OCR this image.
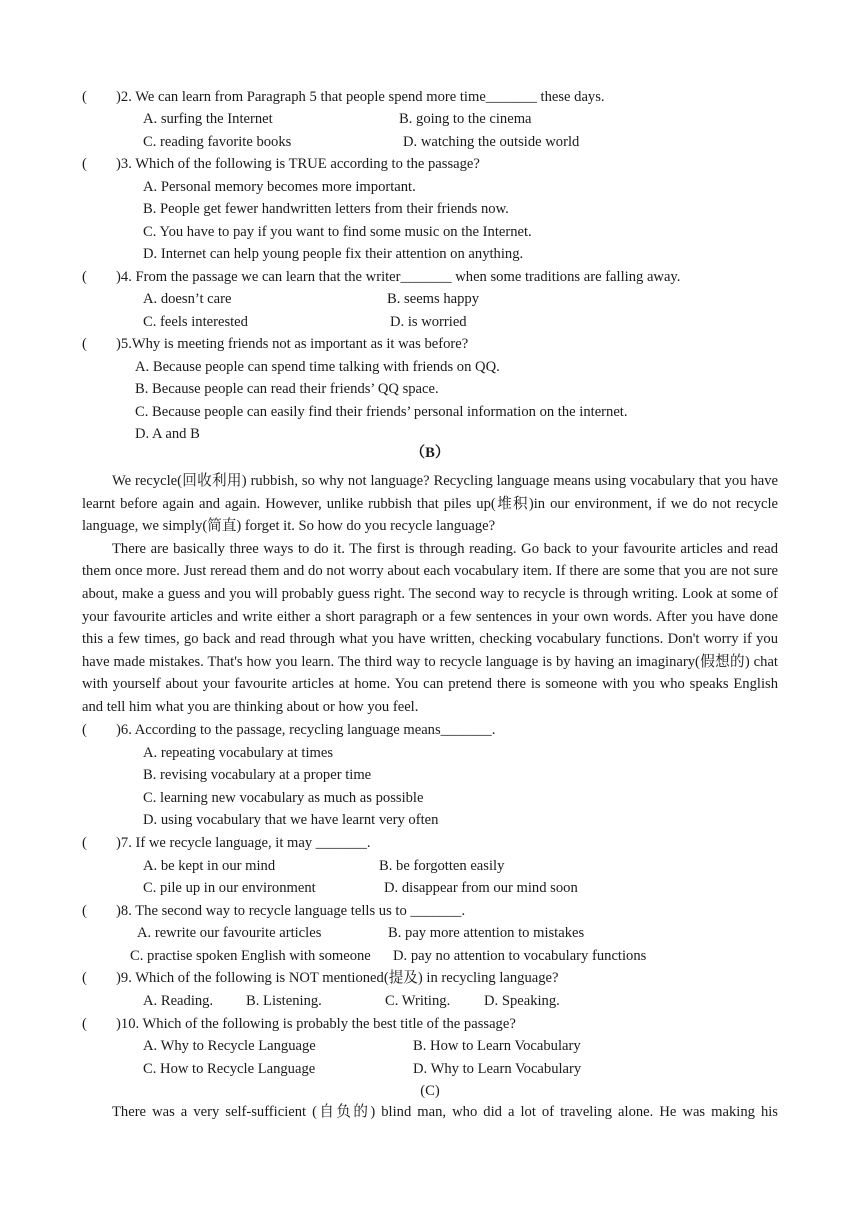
(　　)2. We can learn from Paragraph 5 that people spend more time_______ these days.
A. surfing the Internet	B. going to the cinema
C. reading favorite books	D. watching the outside world
(　　)3. Which of the following is TRUE according to the passage?
A. Personal memory becomes more important.
B. People get fewer handwritten letters from their friends now.
C. You have to pay if you want to find some music on the Internet.
D. Internet can help young people fix their attention on anything.
(　　)4. From the passage we can learn that the writer_______ when some traditions are falling away.
A. doesn’t care	B. seems happy
C. feels interested	D. is worried
(　　)5.Why is meeting friends not as important as it was before?
A. Because people can spend time talking with friends on QQ.
B. Because people can read their friends’ QQ space.
C. Because people can easily find their friends’ personal information on the internet.
D. A and B
（B）

We recycle(回收利用) rubbish, so why not language? Recycling language means using vocabulary that you have learnt before again and again. However, unlike rubbish that piles up(堆积)in our environment, if we do not recycle language, we simply(简直) forget it. So how do you recycle language?

There are basically three ways to do it. The first is through reading. Go back to your favourite articles and read them once more. Just reread them and do not worry about each vocabulary item. If there are some that you are not sure about, make a guess and you will probably guess right. The second way to recycle is through writing. Look at some of your favourite articles and write either a short paragraph or a few sentences in your own words. After you have done this a few times, go back and read through what you have written, checking vocabulary functions. Don't worry if you have made mistakes. That's how you learn. The third way to recycle language is by having an imaginary(假想的) chat with yourself about your favourite articles at home. You can pretend there is someone with you who speaks English and tell him what you are thinking about or how you feel.

(　　)6. According to the passage, recycling language means_______.
A. repeating vocabulary at times
B. revising vocabulary at a proper time
C. learning new vocabulary as much as possible
D. using vocabulary that we have learnt very often
(　　)7. If we recycle language, it may _______.
A. be kept in our mind	B. be forgotten easily
C. pile up in our environment	D. disappear from our mind soon
(　　)8. The second way to recycle language tells us to _______.
A. rewrite our favourite articles	B. pay more attention to mistakes
C. practise spoken English with someone D. pay no attention to vocabulary functions
(　　)9. Which of the following is NOT mentioned(提及) in recycling language?
A. Reading. B. Listening.	C. Writing. D. Speaking.
(　　)10. Which of the following is probably the best title of the passage?
A. Why to Recycle Language	B. How to Learn Vocabulary
C. How to Recycle Language	D. Why to Learn Vocabulary
(C)

There was a very self-sufficient (自负的) blind man, who did a lot of traveling alone. He was making his
